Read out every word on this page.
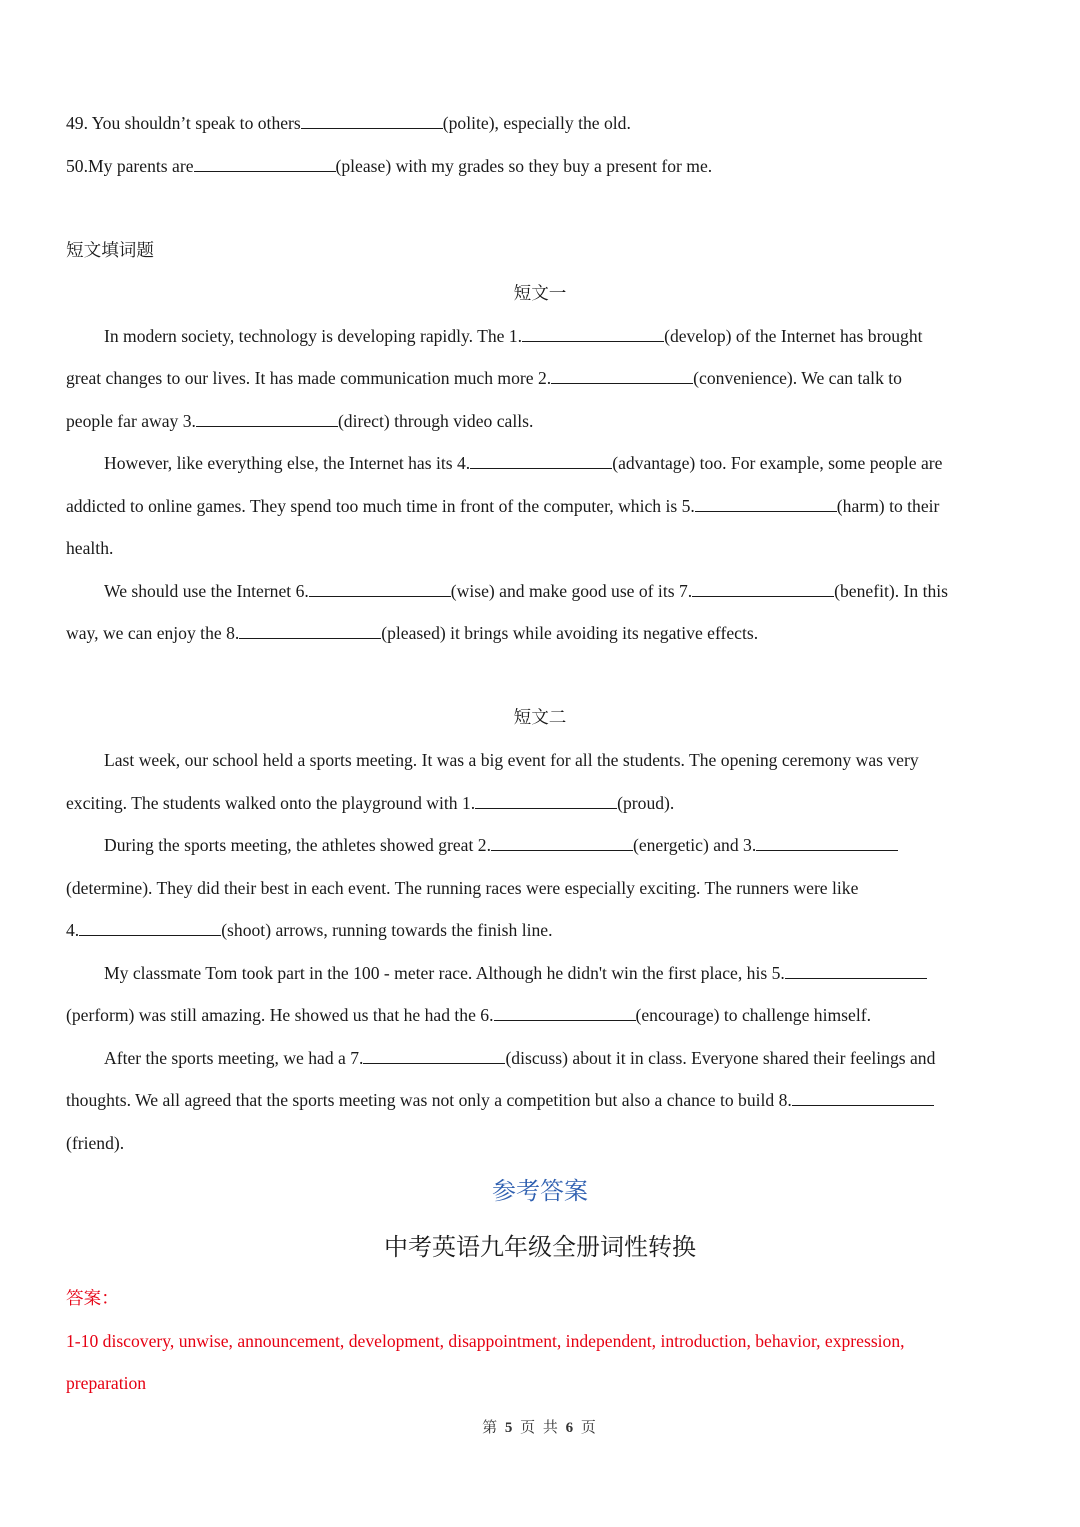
49. You shouldn’t speak to others	(polite), especially the old.
50.My parents are	(please) with my grades so they buy a present for me.
短文填词题
短文一
In modern society, technology is developing rapidly. The 1.	(develop) of the Internet has brought
great changes to our lives. It has made communication much more 2.	(convenience). We can talk to
people far away 3.	(direct) through video calls.
However, like everything else, the Internet has its 4.	(advantage) too. For example, some people are
addicted to online games. They spend too much time in front of the computer, which is 5.	(harm) to their
health.
We should use the Internet 6.	(wise) and make good use of its 7.	(benefit). In this
way, we can enjoy the 8.	(pleased) it brings while avoiding its negative effects.
短文二
Last week, our school held a sports meeting. It was a big event for all the students. The opening ceremony was very
exciting. The students walked onto the playground with 1.	(proud).
During the sports meeting, the athletes showed great 2.	(energetic) and 3.
(determine). They did their best in each event. The running races were especially exciting. The runners were like
4.	(shoot) arrows, running towards the finish line.
My classmate Tom took part in the 100 - meter race. Although he didn't win the first place, his 5.
(perform) was still amazing. He showed us that he had the 6.	(encourage) to challenge himself.
After the sports meeting, we had a 7.	(discuss) about it in class. Everyone shared their feelings and
thoughts. We all agreed that the sports meeting was not only a competition but also a chance to build 8.
(friend).
参考答案
中考英语九年级全册词性转换
答案：
1-10 discovery, unwise, announcement, development, disappointment, independent, introduction, behavior, expression,
preparation
第 5 页 共 6 页
